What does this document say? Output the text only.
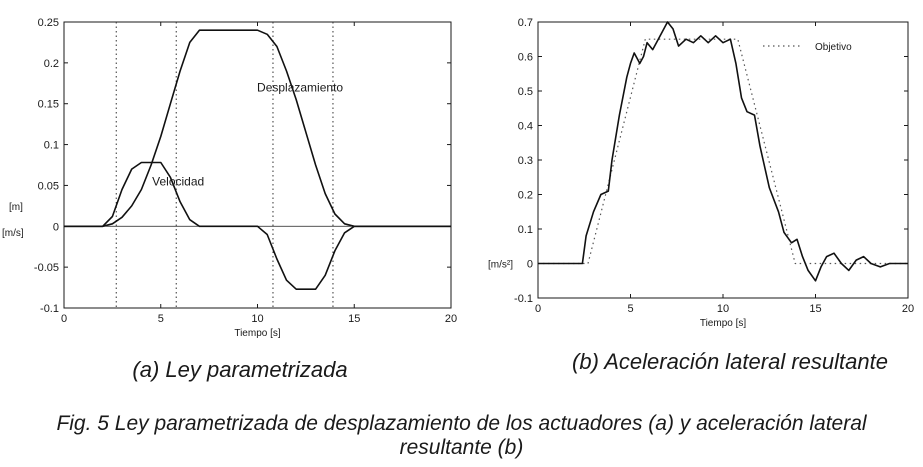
0	5	10	15	20
-0.1
-0.05
0
0.05
0.1
0.15
0.2
0.25
Tiempo [s]
[m]
[m/s]
Desplazamiento
Velocidad
0	5	10	15	20
-0.1
0
0.1
0.2
0.3
0.4
0.5
0.6
0.7
Tiempo [s]
[m/s²]
Objetivo
(a) Ley parametrizada	(b) Aceleración lateral resultante
Fig. 5 Ley parametrizada de desplazamiento de los actuadores (a) y aceleración lateral resultante (b)
